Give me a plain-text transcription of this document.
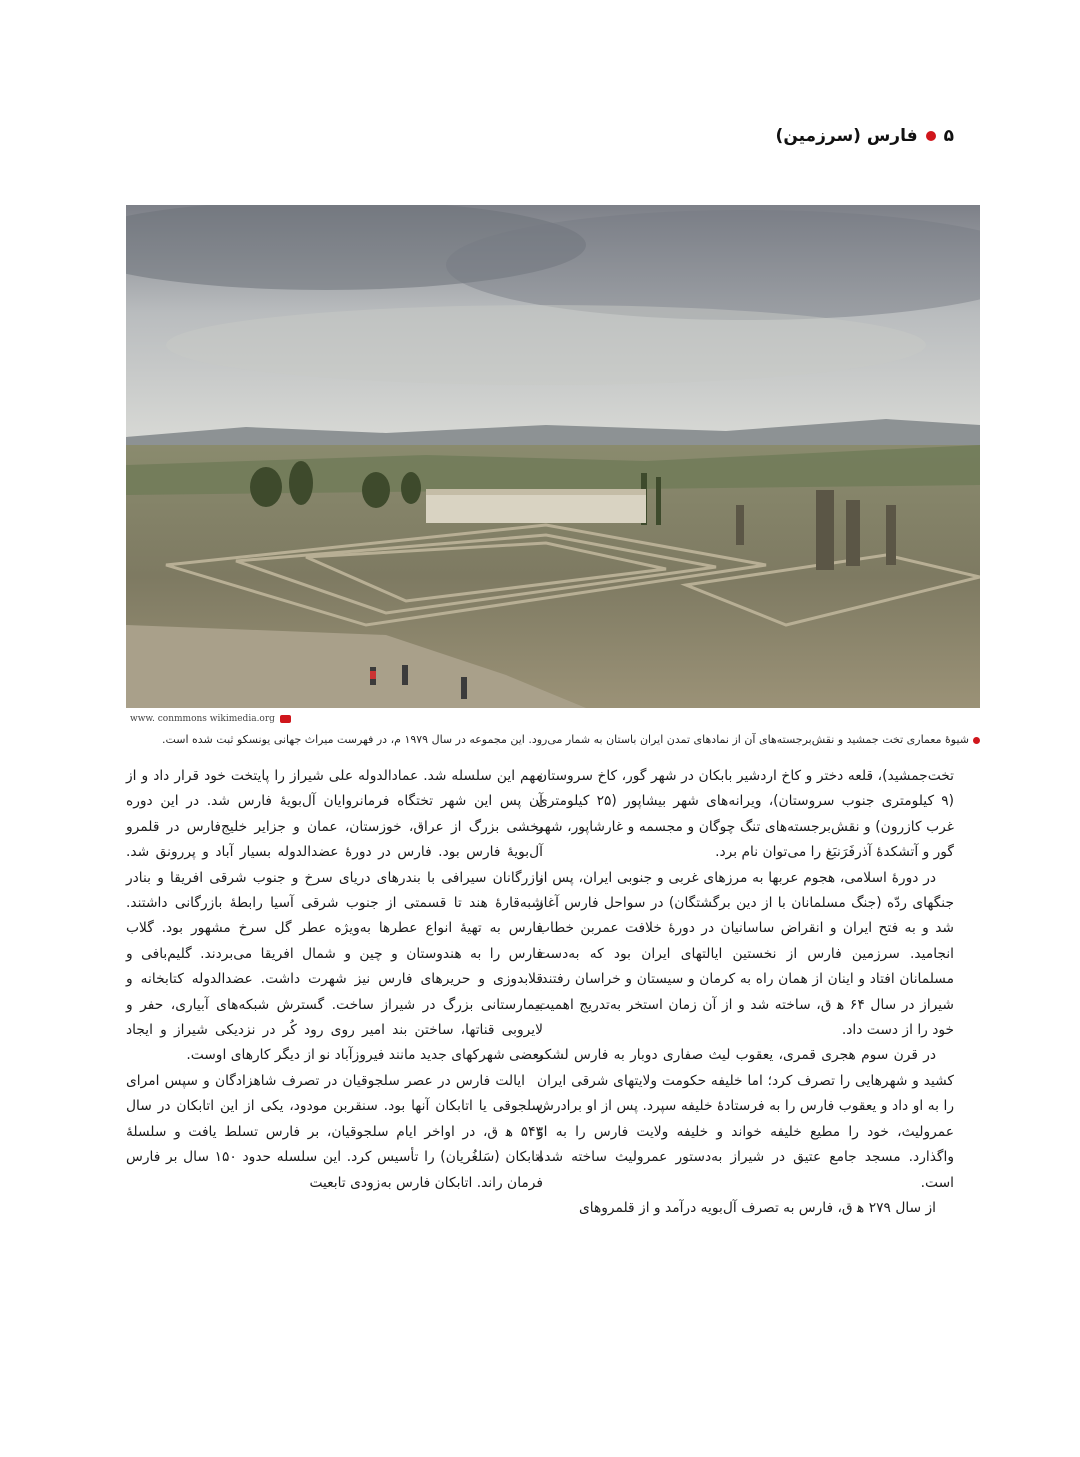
۵
فارس (سرزمین)
www. conmmons wikimedia.org
شیوهٔ معماری تخت جمشید و نقش‌برجسته‌های آن از نمادهای تمدن ایران باستان به شمار می‌رود. این مجموعه در سال ۱۹۷۹ م، در فهرست میراث جهانی یونسکو ثبت شده است.

تخت‌جمشید)، قلعه دختر و کاخ اردشیر بابکان در شهر گور، کاخ سروستان (۹ کیلومتری جنوب سروستان)، ویرانه‌های شهر بیشاپور (۲۵ کیلومتری غرب کازرون) و نقش‌برجسته‌های تنگ چوگان و مجسمه و غارشاپور، شهر گور و آتشکدهٔ آذرفَرَنبَغ را می‌توان نام برد.

در دورهٔ اسلامی، هجوم عربها به مرزهای غربی و جنوبی ایران، پس از جنگهای ردّه (جنگ مسلمانان با از دین برگشتگان) در سواحل فارس آغاز شد و به فتح ایران و انقراض ساسانیان در دورهٔ خلافت عمربن خطاب انجامید. سرزمین فارس از نخستین ایالتهای ایران بود که به‌دست مسلمانان افتاد و اینان از همان راه به کرمان و سیستان و خراسان رفتند. شیراز در سال ۶۴ ه‍ ق، ساخته شد و از آن زمان استخر به‌تدریج اهمیت خود را از دست داد.

در قرن سوم هجری قمری، یعقوب لیث صفاری دوبار به فارس لشکر کشید و شهرهایی را تصرف کرد؛ اما خلیفه حکومت ولایتهای شرقی ایران را به او داد و یعقوب فارس را به فرستادهٔ خلیفه سپرد. پس از او برادرش عمرولیث، خود را مطیع خلیفه خواند و خلیفه ولایت فارس را به او واگذارد. مسجد جامع عتیق در شیراز به‌دستور عمرولیث ساخته شده است.

از سال ۲۷۹ ه‍ ق، فارس به تصرف آل‌بویه درآمد و از قلمروهای

مهم این سلسله شد. عمادالدوله علی شیراز را پایتخت خود قرار داد و از آن پس این شهر تختگاه فرمانروایان آل‌بویهٔ فارس شد. در این دوره بخشی بزرگ از عراق، خوزستان، عمان و جزایر خلیج‌فارس در قلمرو آل‌بویهٔ فارس بود. فارس در دورهٔ عضدالدوله بسیار آباد و پررونق شد. بازرگانان سیرافی با بندرهای دریای سرخ و جنوب شرقی افریقا و بنادر شبه‌قارهٔ هند تا قسمتی از جنوب شرقی آسیا رابطهٔ بازرگانی داشتند. فارس به تهیهٔ انواع عطرها به‌ویژه عطر گل سرخ مشهور بود. گلاب فارس را به هندوستان و چین و شمال افریقا می‌بردند. گلیم‌بافی و قلابدوزی و حریرهای فارس نیز شهرت داشت. عضدالدوله کتابخانه و بیمارستانی بزرگ در شیراز ساخت. گسترش شبکه‌های آبیاری، حفر و لایروبی قناتها، ساختن بند امیر روی رود کُر در نزدیکی شیراز و ایجاد بعضی شهرکهای جدید مانند فیروزآباد نو از دیگر کارهای اوست.

ایالت فارس در عصر سلجوقیان در تصرف شاهزادگان و سپس امرای سلجوقی یا اتابکان آنها بود. سنقربن مودود، یکی از این اتابکان در سال ۵۴۳ ه‍ ق، در اواخر ایام سلجوقیان، بر فارس تسلط یافت و سلسلهٔ اتابکان (سَلغُریان) را تأسیس کرد. این سلسله حدود ۱۵۰ سال بر فارس فرمان راند. اتابکان فارس به‌زودی تابعیت
